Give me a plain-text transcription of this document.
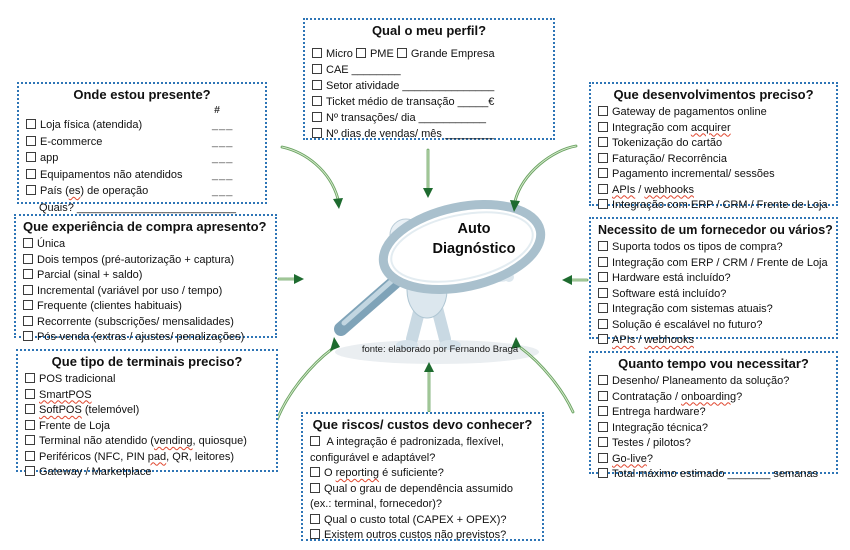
Auto
Diagnóstico
Qual o meu perfil?
Micro PME Grande Empresa
CAE ________
Setor atividade _______________
Ticket médio de transação _____€
Nº transações/ dia ___________
Nº dias de vendas/ mês ________
Onde estou presente?
#
Loja física (atendida)	___
E-commerce	___
app	___
Equipamentos não atendidos	___
País (es) de operação	___
Quais? __________________________
Que experiência de compra apresento?
Única
Dois tempos (pré-autorização + captura)
Parcial (sinal + saldo)
Incremental (variável por uso / tempo)
Frequente (clientes habituais)
Recorrente (subscrições/ mensalidades)
Pós-venda (extras / ajustes/ penalizações)
Que tipo de terminais preciso?
POS tradicional
SmartPOS
SoftPOS (telemóvel)
Frente de Loja
Terminal não atendido (vending, quiosque)
Periféricos (NFC, PIN pad, QR, leitores)
Gateway / Marketplace
Que desenvolvimentos preciso?
Gateway de pagamentos online
Integração com acquirer
Tokenização do cartão
Faturação/ Recorrência
Pagamento incremental/ sessões
APIs / webhooks
Integração com ERP / CRM / Frente de Loja
Necessito de um fornecedor ou vários?
Suporta todos os tipos de compra?
Integração com ERP / CRM / Frente de Loja
Hardware está incluído?
Software está incluído?
Integração com sistemas atuais?
Solução é escalável no futuro?
APIs / webhooks
Quanto tempo vou necessitar?
Desenho/ Planeamento da solução?
Contratação / onboarding?
Entrega hardware?
Integração técnica?
Testes / pilotos?
Go-live?
Total máximo estimado _______ semanas
Que riscos/ custos devo conhecer?
A integração é padronizada, flexível, configurável e adaptável?
O reporting é suficiente?
Qual o grau de dependência assumido (ex.: terminal, fornecedor)?
Qual o custo total (CAPEX + OPEX)?
Existem outros custos não previstos?
fonte: elaborado por Fernando Braga
